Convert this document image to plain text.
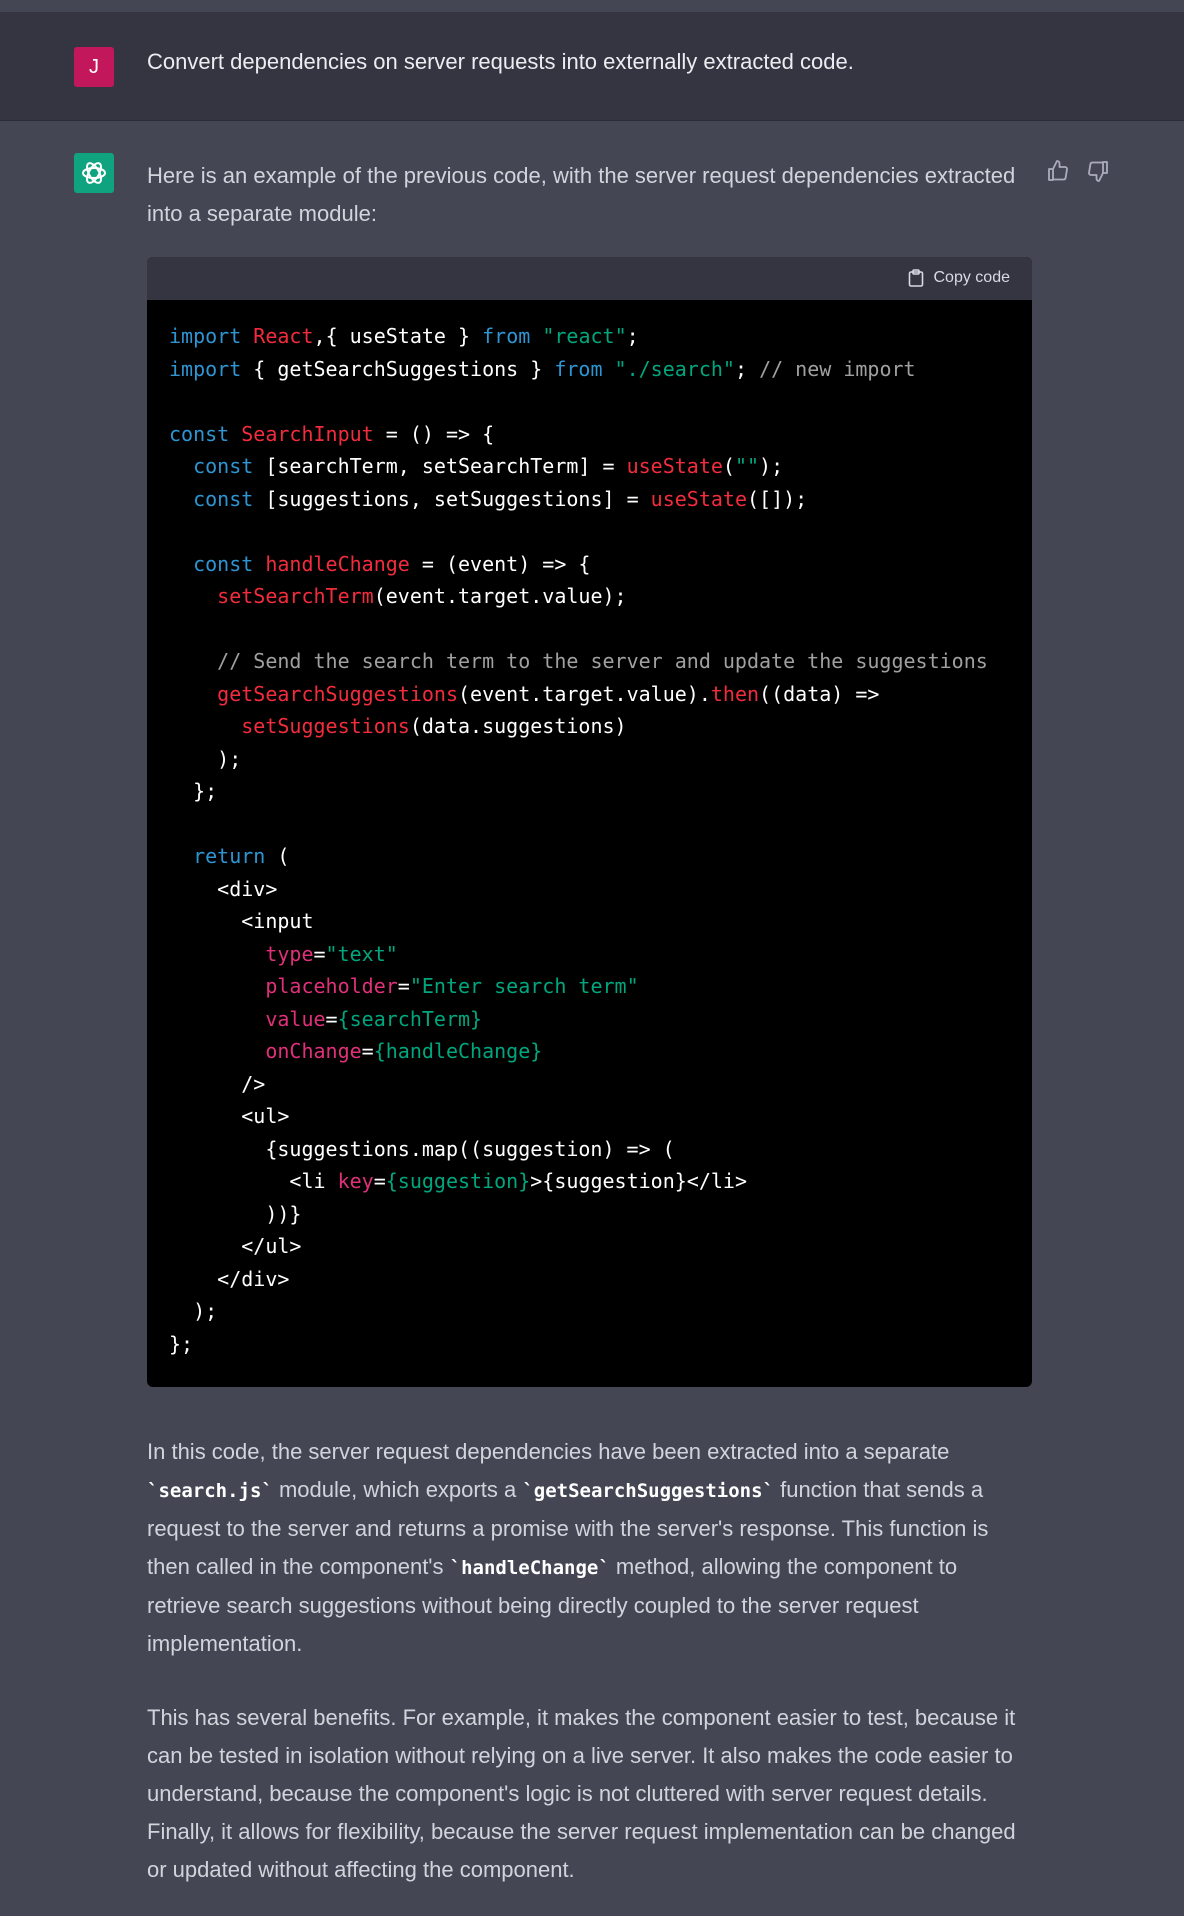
J	Convert dependencies on server requests into externally extracted code.
Here is an example of the previous code, with the server request dependencies extracted into a separate module:
Copy code
import React,{ useState } from "react";
import { getSearchSuggestions } from "./search"; // new import

const SearchInput = () => {
const [searchTerm, setSearchTerm] = useState("");
const [suggestions, setSuggestions] = useState([]);

const handleChange = (event) => {
setSearchTerm(event.target.value);

// Send the search term to the server and update the suggestions
getSearchSuggestions(event.target.value).then((data) =>
setSuggestions(data.suggestions)
);
};

return (
<div>
<input
type="text"
placeholder="Enter search term"
value={searchTerm}
onChange={handleChange}
/>
<ul>
{suggestions.map((suggestion) => (
<li key={suggestion}>{suggestion}</li>
))}
</ul>
</div>
);
};
In this code, the server request dependencies have been extracted into a separate `search.js` module, which exports a `getSearchSuggestions` function that sends a request to the server and returns a promise with the server's response. This function is then called in the component's `handleChange` method, allowing the component to retrieve search suggestions without being directly coupled to the server request implementation.
This has several benefits. For example, it makes the component easier to test, because it can be tested in isolation without relying on a live server. It also makes the code easier to understand, because the component's logic is not cluttered with server request details. Finally, it allows for flexibility, because the server request implementation can be changed or updated without affecting the component.
